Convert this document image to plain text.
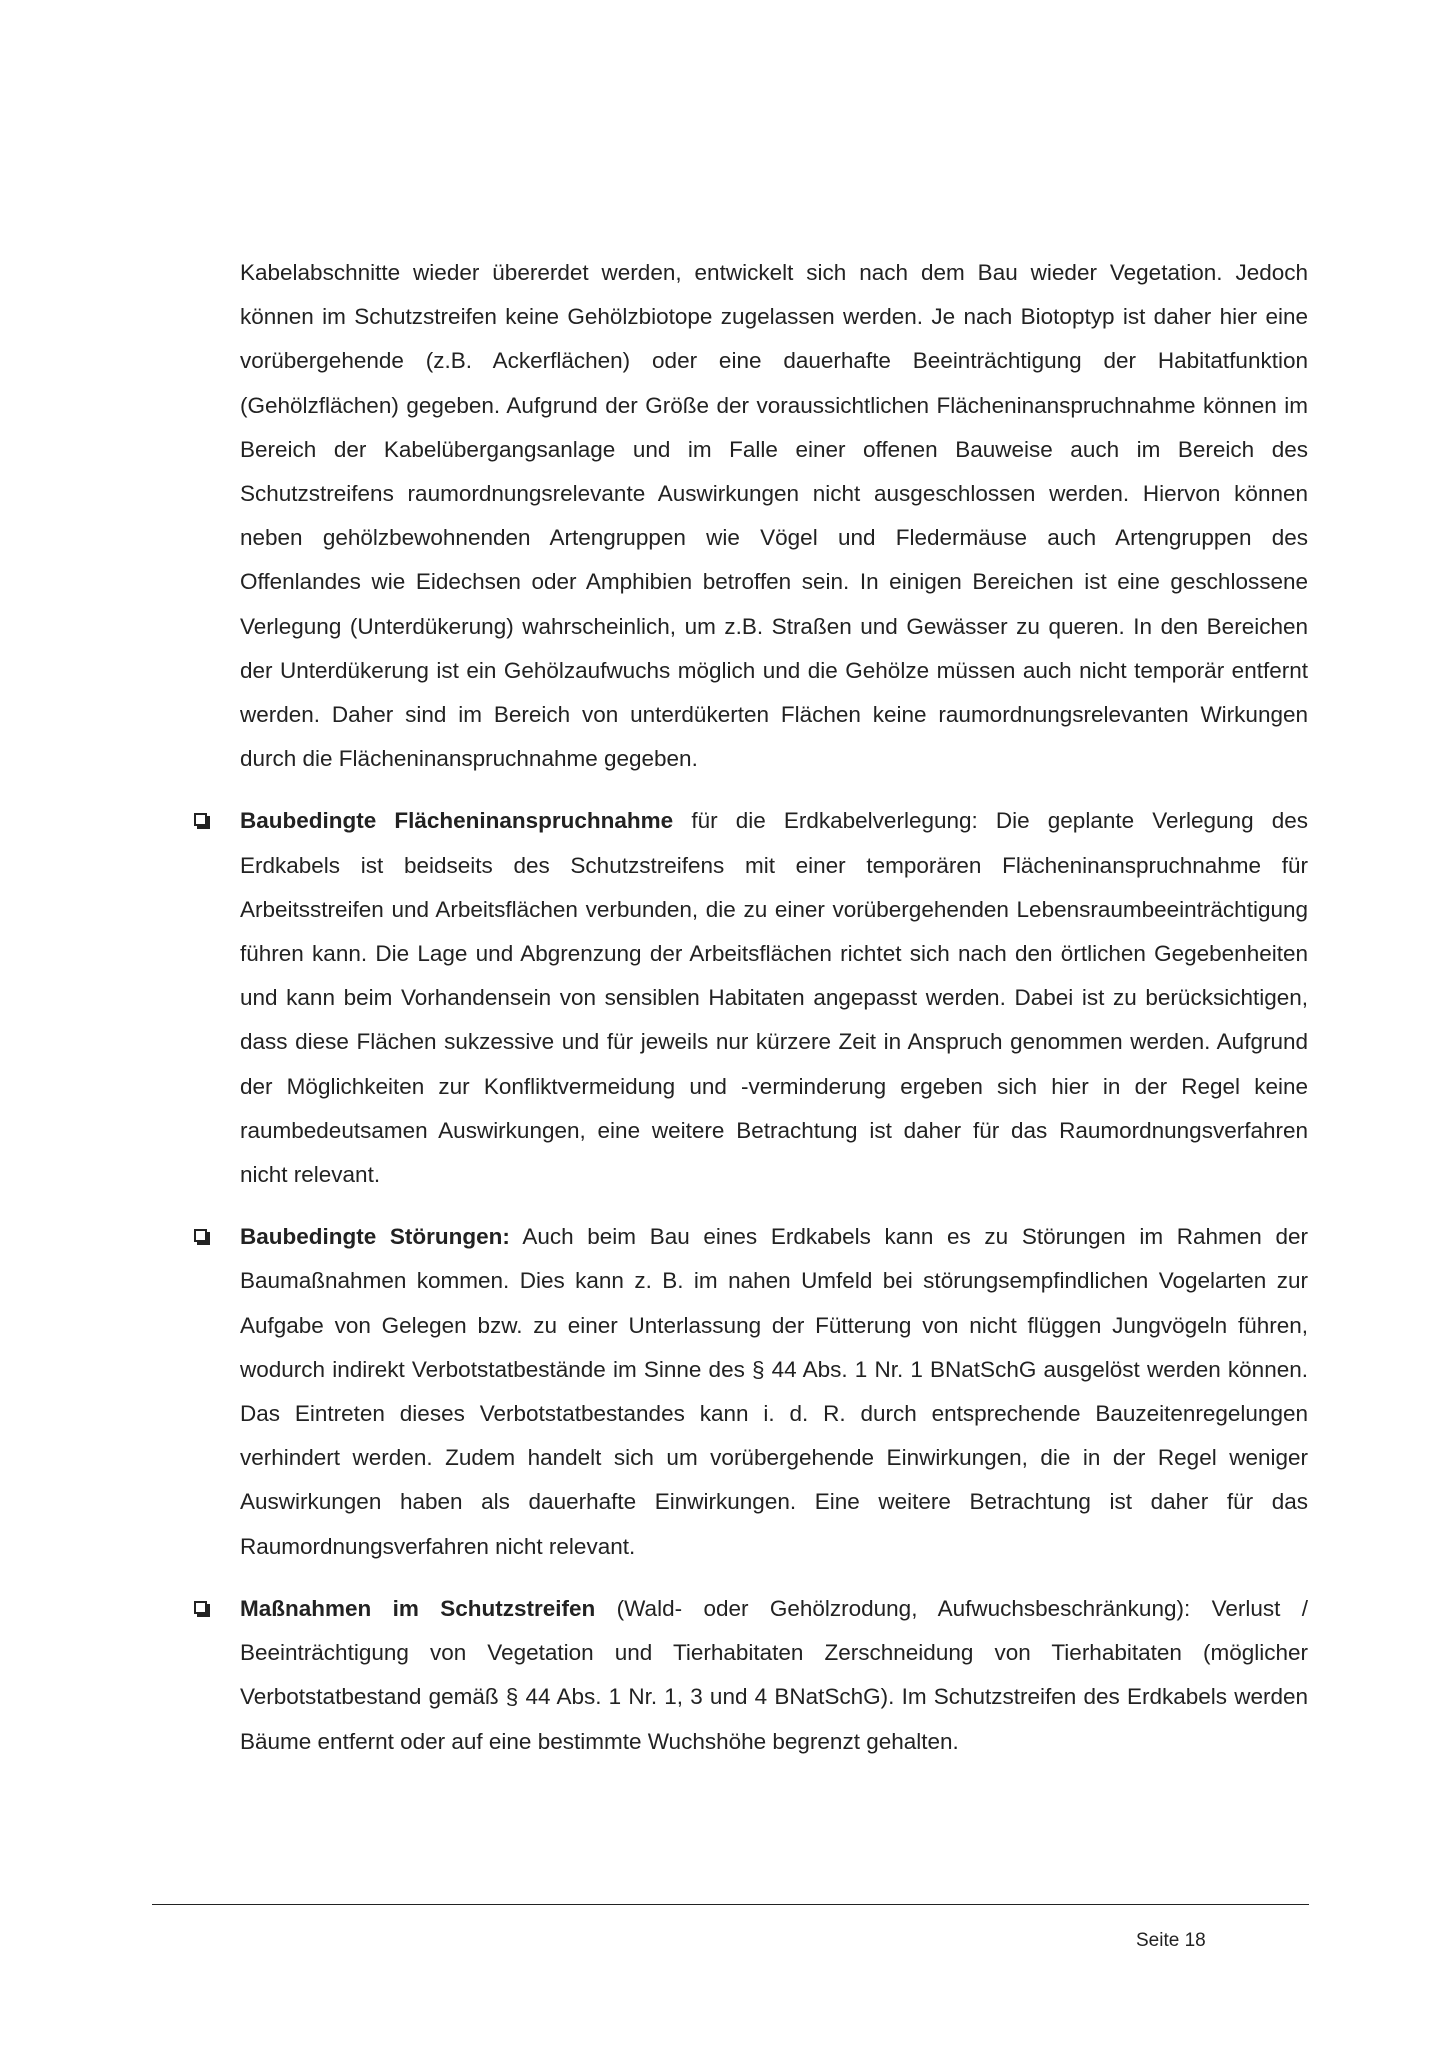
Kabelabschnitte wieder übererdet werden, entwickelt sich nach dem Bau wieder Vegetation. Jedoch können im Schutzstreifen keine Gehölzbiotope zugelassen werden. Je nach Biotoptyp ist daher hier eine vorübergehende (z.B. Ackerflächen) oder eine dauerhafte Beeinträchtigung der Habitatfunktion (Gehölzflächen) gegeben. Aufgrund der Größe der voraussichtlichen Flächeninanspruchnahme können im Bereich der Kabelübergangsanlage und im Falle einer offenen Bauweise auch im Bereich des Schutzstreifens raumordnungsrelevante Auswirkungen nicht ausgeschlossen werden. Hiervon können neben gehölzbewohnenden Artengruppen wie Vögel und Fledermäuse auch Artengruppen des Offenlandes wie Eidechsen oder Amphibien betroffen sein. In einigen Bereichen ist eine geschlossene Verlegung (Unterdükerung) wahrscheinlich, um z.B. Straßen und Gewässer zu queren. In den Bereichen der Unterdükerung ist ein Gehölzaufwuchs möglich und die Gehölze müssen auch nicht temporär entfernt werden. Daher sind im Bereich von unterdükerten Flächen keine raumordnungsrelevanten Wirkungen durch die Flächeninanspruchnahme gegeben.

Baubedingte Flächeninanspruchnahme für die Erdkabelverlegung: Die geplante Verlegung des Erdkabels ist beidseits des Schutzstreifens mit einer temporären Flächeninanspruchnahme für Arbeitsstreifen und Arbeitsflächen verbunden, die zu einer vorübergehenden Lebensraumbeeinträchtigung führen kann. Die Lage und Abgrenzung der Arbeitsflächen richtet sich nach den örtlichen Gegebenheiten und kann beim Vorhandensein von sensiblen Habitaten angepasst werden. Dabei ist zu berücksichtigen, dass diese Flächen sukzessive und für jeweils nur kürzere Zeit in Anspruch genommen werden. Aufgrund der Möglichkeiten zur Konfliktvermeidung und -verminderung ergeben sich hier in der Regel keine raumbedeutsamen Auswirkungen, eine weitere Betrachtung ist daher für das Raumordnungsverfahren nicht relevant.

Baubedingte Störungen: Auch beim Bau eines Erdkabels kann es zu Störungen im Rahmen der Baumaßnahmen kommen. Dies kann z. B. im nahen Umfeld bei störungsempfindlichen Vogelarten zur Aufgabe von Gelegen bzw. zu einer Unterlassung der Fütterung von nicht flüggen Jungvögeln führen, wodurch indirekt Verbotstatbestände im Sinne des § 44 Abs. 1 Nr. 1 BNatSchG ausgelöst werden können. Das Eintreten dieses Verbotstatbestandes kann i. d. R. durch entsprechende Bauzeitenregelungen verhindert werden. Zudem handelt sich um vorübergehende Einwirkungen, die in der Regel weniger Auswirkungen haben als dauerhafte Einwirkungen. Eine weitere Betrachtung ist daher für das Raumordnungsverfahren nicht relevant.

Maßnahmen im Schutzstreifen (Wald- oder Gehölzrodung, Aufwuchsbeschränkung): Verlust / Beeinträchtigung von Vegetation und Tierhabitaten Zerschneidung von Tierhabitaten (möglicher Verbotstatbestand gemäß § 44 Abs. 1 Nr. 1, 3 und 4 BNatSchG). Im Schutzstreifen des Erdkabels werden Bäume entfernt oder auf eine bestimmte Wuchshöhe begrenzt gehalten.

Seite 18
